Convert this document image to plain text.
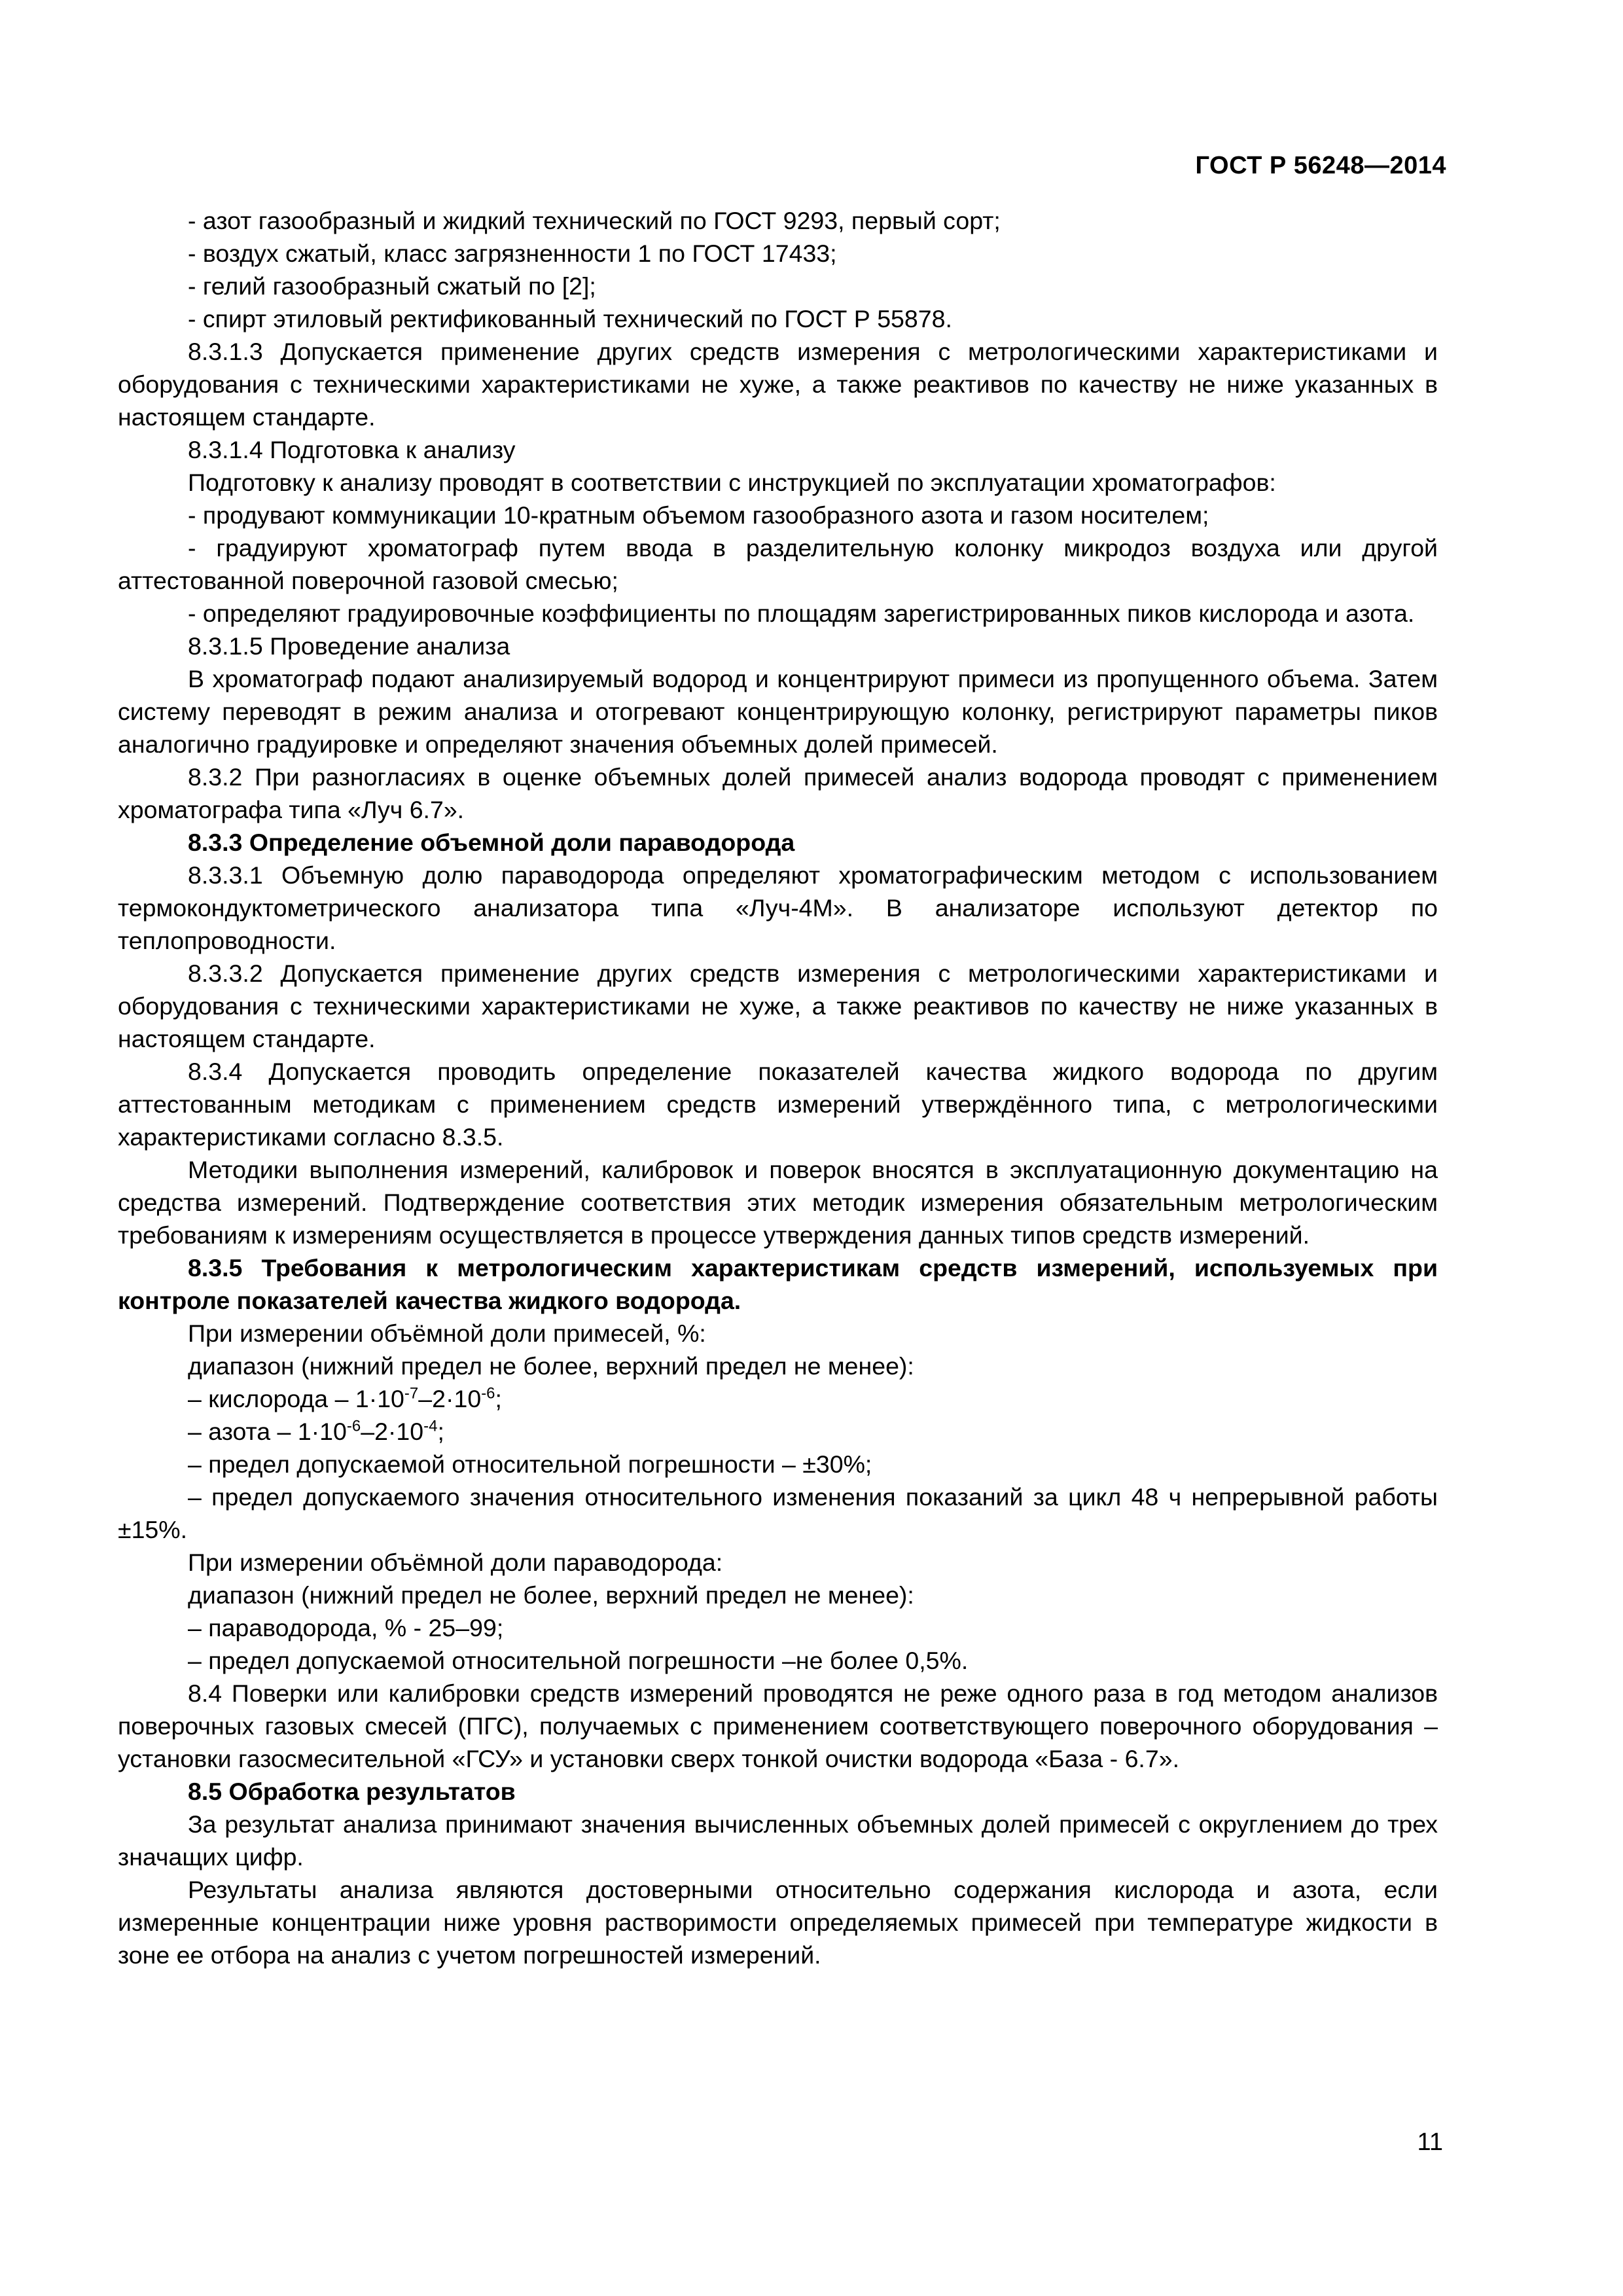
ГОСТ Р 56248—2014

- азот газообразный и жидкий технический по ГОСТ 9293, первый сорт;

- воздух сжатый, класс загрязненности 1 по ГОСТ 17433;

- гелий газообразный сжатый по [2];

- спирт этиловый ректификованный технический по ГОСТ Р 55878.

8.3.1.3 Допускается применение других средств измерения с метрологическими характеристиками и оборудования с техническими характеристиками не хуже, а также реактивов по качеству не ниже указанных в настоящем стандарте.

8.3.1.4 Подготовка к анализу

Подготовку к анализу проводят в соответствии с инструкцией по эксплуатации хроматографов:

- продувают коммуникации 10-кратным объемом газообразного азота и газом носителем;

- градуируют хроматограф путем ввода в разделительную колонку микродоз воздуха или другой аттестованной поверочной газовой смесью;

- определяют градуировочные коэффициенты по площадям зарегистрированных пиков кислорода и азота.

8.3.1.5 Проведение анализа

В хроматограф подают анализируемый водород и концентрируют примеси из пропущенного объема. Затем систему переводят в режим анализа и отогревают концентрирующую колонку, регистрируют параметры пиков аналогично градуировке и определяют значения объемных долей примесей.

8.3.2 При разногласиях в оценке объемных долей примесей анализ водорода проводят с применением хроматографа типа «Луч 6.7».

8.3.3 Определение объемной доли параводорода

8.3.3.1 Объемную долю параводорода определяют хроматографическим методом с использованием термокондуктометрического анализатора типа «Луч-4М». В анализаторе используют детектор по теплопроводности.

8.3.3.2 Допускается применение других средств измерения с метрологическими характеристиками и оборудования с техническими характеристиками не хуже, а также реактивов по качеству не ниже указанных в настоящем стандарте.

8.3.4 Допускается проводить определение показателей качества жидкого водорода по другим аттестованным методикам с применением средств измерений утверждённого типа, с метрологическими характеристиками согласно 8.3.5.

Методики выполнения измерений, калибровок и поверок вносятся в эксплуатационную документацию на средства измерений. Подтверждение соответствия этих методик измерения обязательным метрологическим требованиям к измерениям осуществляется в процессе утверждения данных типов средств измерений.

8.3.5 Требования к метрологическим характеристикам средств измерений, используемых при контроле показателей качества жидкого водорода.

При измерении объёмной доли примесей, %:

диапазон (нижний предел не более, верхний предел не менее):

– кислорода – $1\cdot 10^{-7}-2\cdot 10^{-6}$;

– азота – $1\cdot 10^{-6}-2\cdot 10^{-4}$;

– предел допускаемой относительной погрешности – ±30%;

– предел допускаемого значения относительного изменения показаний за цикл 48 ч непрерывной работы ±15%.

При измерении объёмной доли параводорода:

диапазон (нижний предел не более, верхний предел не менее):

– параводорода, % - 25–99;

– предел допускаемой относительной погрешности –не более 0,5%.

8.4 Поверки или калибровки средств измерений проводятся не реже одного раза в год методом анализов поверочных газовых смесей (ПГС), получаемых с применением соответствующего поверочного оборудования – установки газосмесительной «ГСУ» и установки сверх тонкой очистки водорода «База - 6.7».

8.5 Обработка результатов

За результат анализа принимают значения вычисленных объемных долей примесей с округлением до трех значащих цифр.

Результаты анализа являются достоверными относительно содержания кислорода и азота, если измеренные концентрации ниже уровня растворимости определяемых примесей при температуре жидкости в зоне ее отбора на анализ с учетом погрешностей измерений.

11
